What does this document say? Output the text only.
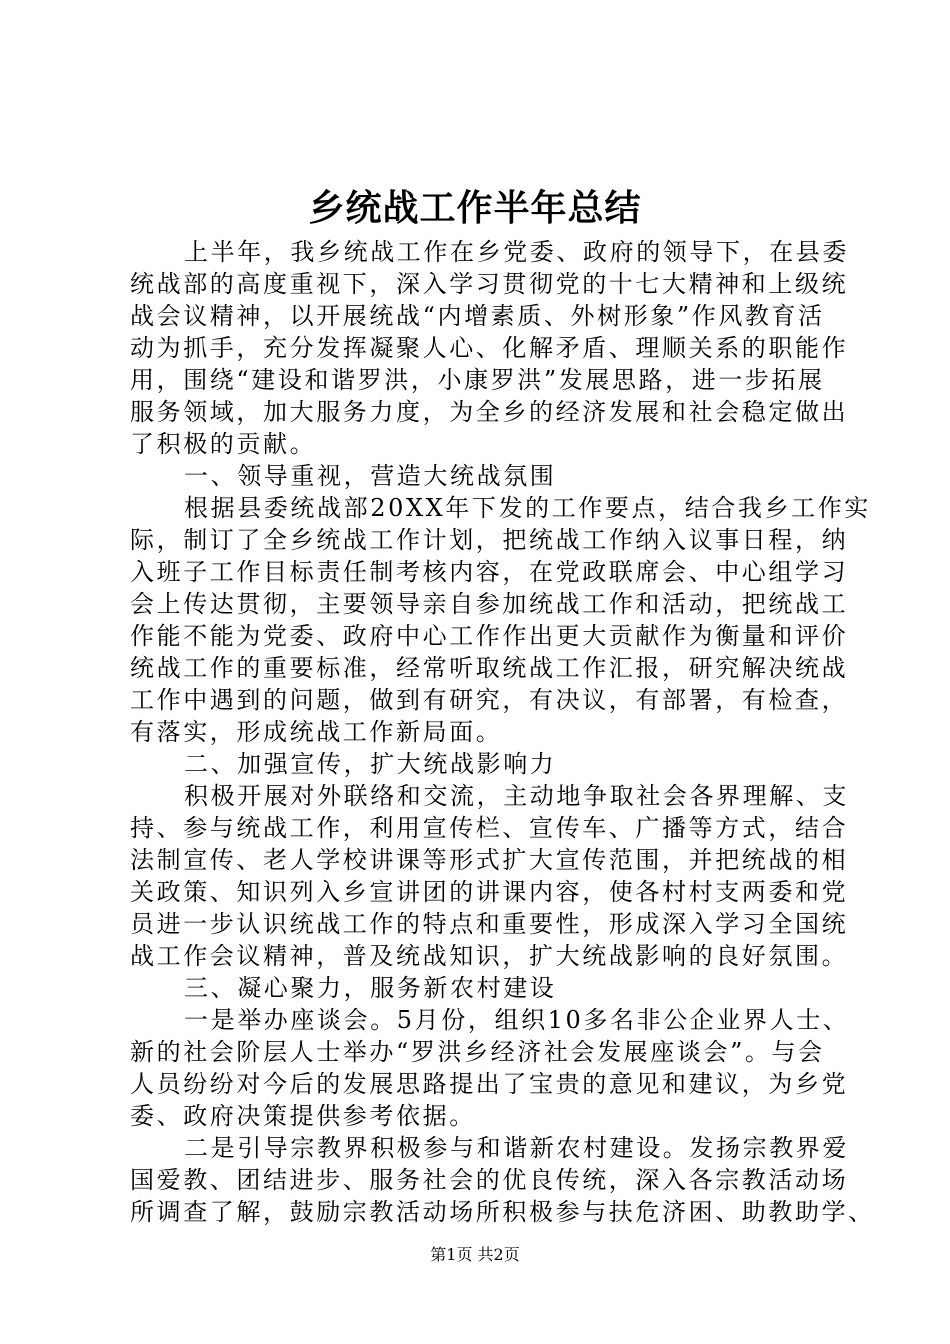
乡统战工作半年总结
上半年，我乡统战工作在乡党委、政府的领导下，在县委
统战部的高度重视下，深入学习贯彻党的十七大精神和上级统
战会议精神，以开展统战“内增素质、外树形象”作风教育活
动为抓手，充分发挥凝聚人心、化解矛盾、理顺关系的职能作
用，围绕“建设和谐罗洪，小康罗洪”发展思路，进一步拓展
服务领域，加大服务力度，为全乡的经济发展和社会稳定做出
了积极的贡献。
一、领导重视，营造大统战氛围
根据县委统战部20XX年下发的工作要点，结合我乡工作实
际，制订了全乡统战工作计划，把统战工作纳入议事日程，纳
入班子工作目标责任制考核内容，在党政联席会、中心组学习
会上传达贯彻，主要领导亲自参加统战工作和活动，把统战工
作能不能为党委、政府中心工作作出更大贡献作为衡量和评价
统战工作的重要标准，经常听取统战工作汇报，研究解决统战
工作中遇到的问题，做到有研究，有决议，有部署，有检查，
有落实，形成统战工作新局面。
二、加强宣传，扩大统战影响力
积极开展对外联络和交流，主动地争取社会各界理解、支
持、参与统战工作，利用宣传栏、宣传车、广播等方式，结合
法制宣传、老人学校讲课等形式扩大宣传范围，并把统战的相
关政策、知识列入乡宣讲团的讲课内容，使各村村支两委和党
员进一步认识统战工作的特点和重要性，形成深入学习全国统
战工作会议精神，普及统战知识，扩大统战影响的良好氛围。
三、凝心聚力，服务新农村建设
一是举办座谈会。5月份，组织10多名非公企业界人士、
新的社会阶层人士举办“罗洪乡经济社会发展座谈会”。与会
人员纷纷对今后的发展思路提出了宝贵的意见和建议，为乡党
委、政府决策提供参考依据。
二是引导宗教界积极参与和谐新农村建设。发扬宗教界爱
国爱教、团结进步、服务社会的优良传统，深入各宗教活动场
所调查了解，鼓励宗教活动场所积极参与扶危济困、助教助学、
第1页 共2页
